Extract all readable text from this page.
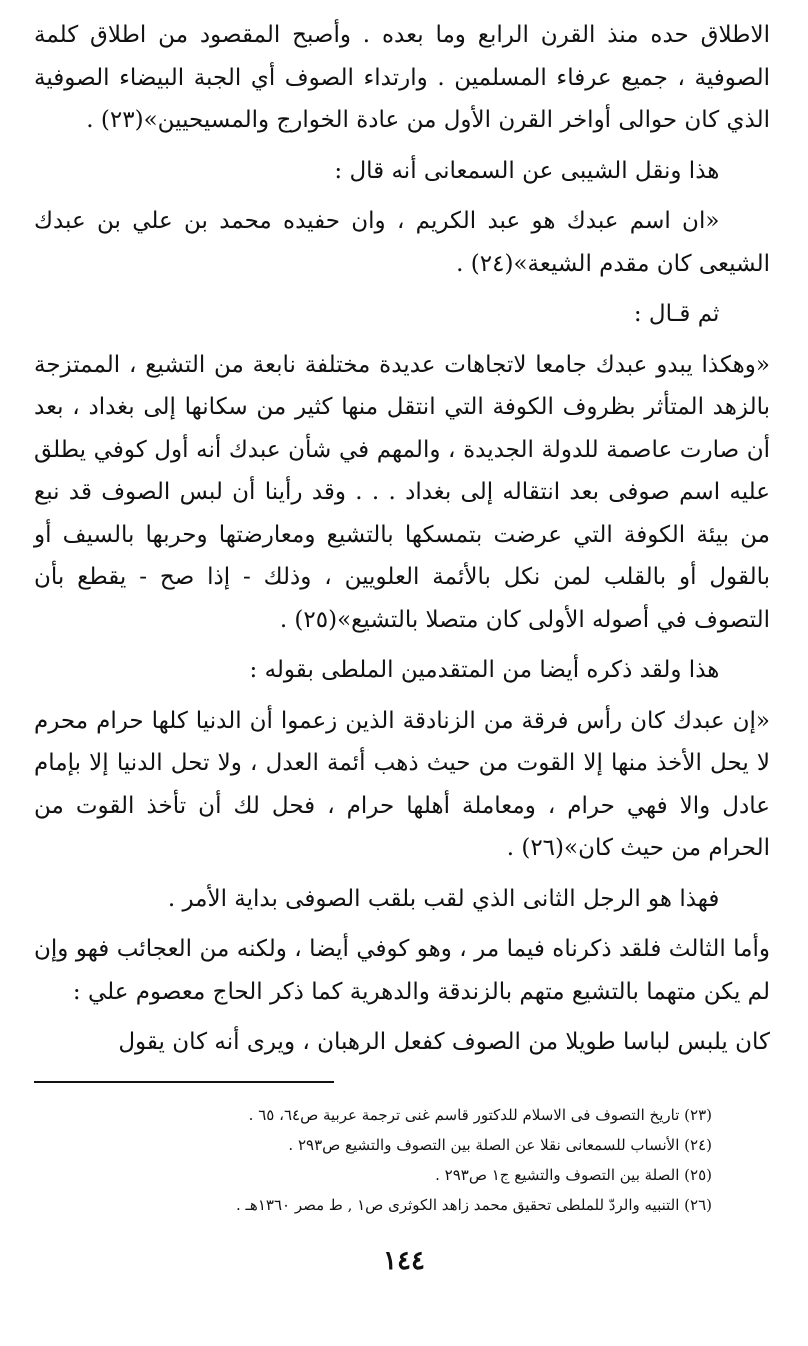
الاطلاق حده منذ القرن الرابع وما بعده . وأصبح المقصود من اطلاق كلمة الصوفية ، جميع عرفاء المسلمين . وارتداء الصوف أي الجبة البيضاء الصوفية الذي كان حوالى أواخر القرن الأول من عادة الخوارج والمسيحيين»(٢٣) .

هذا ونقل الشيبى عن السمعانى أنه قال :

«ان اسم عبدك هو عبد الكريم ، وان حفيده محمد بن علي بن عبدك الشيعى كان مقدم الشيعة»(٢٤) .

ثم قـال :

«وهكذا يبدو عبدك جامعا لاتجاهات عديدة مختلفة نابعة من التشيع ، الممتزجة بالزهد المتأثر بظروف الكوفة التي انتقل منها كثير من سكانها إلى بغداد ، بعد أن صارت عاصمة للدولة الجديدة ، والمهم في شأن عبدك أنه أول كوفي يطلق عليه اسم صوفى بعد انتقاله إلى بغداد . . . وقد رأينا أن لبس الصوف قد نبع من بيئة الكوفة التي عرضت بتمسكها بالتشيع ومعارضتها وحربها بالسيف أو بالقول أو بالقلب لمن نكل بالأئمة العلويين ، وذلك - إذا صح - يقطع بأن التصوف في أصوله الأولى كان متصلا بالتشيع»(٢٥) .

هذا ولقد ذكره أيضا من المتقدمين الملطى بقوله :

«إن عبدك كان رأس فرقة من الزنادقة الذين زعموا أن الدنيا كلها حرام محرم لا يحل الأخذ منها إلا القوت من حيث ذهب أئمة العدل ، ولا تحل الدنيا إلا بإمام عادل والا فهي حرام ، ومعاملة أهلها حرام ، فحل لك أن تأخذ القوت من الحرام من حيث كان»(٢٦) .

فهذا هو الرجل الثانى الذي لقب بلقب الصوفى بداية الأمر .

وأما الثالث فلقد ذكرناه فيما مر ، وهو كوفي أيضا ، ولكنه من العجائب فهو وإن لم يكن متهما بالتشيع متهم بالزندقة والدهرية كما ذكر الحاج معصوم علي :

كان يلبس لباسا طويلا من الصوف كفعل الرهبان ، ويرى أنه كان يقول

(٢٣) تاريخ التصوف فى الاسلام للدكتور قاسم غنى ترجمة عربية ص٦٤، ٦٥ .

(٢٤) الأنساب للسمعانى نقلا عن الصلة بين التصوف والتشيع ص٢٩٣ .

(٢٥) الصلة بين التصوف والتشيع ج١ ص٢٩٣ .

(٢٦) التنبيه والردّ للملطى تحقيق محمد زاهد الكوثرى ص١ , ط مصر ١٣٦٠هـ .

١٤٤
